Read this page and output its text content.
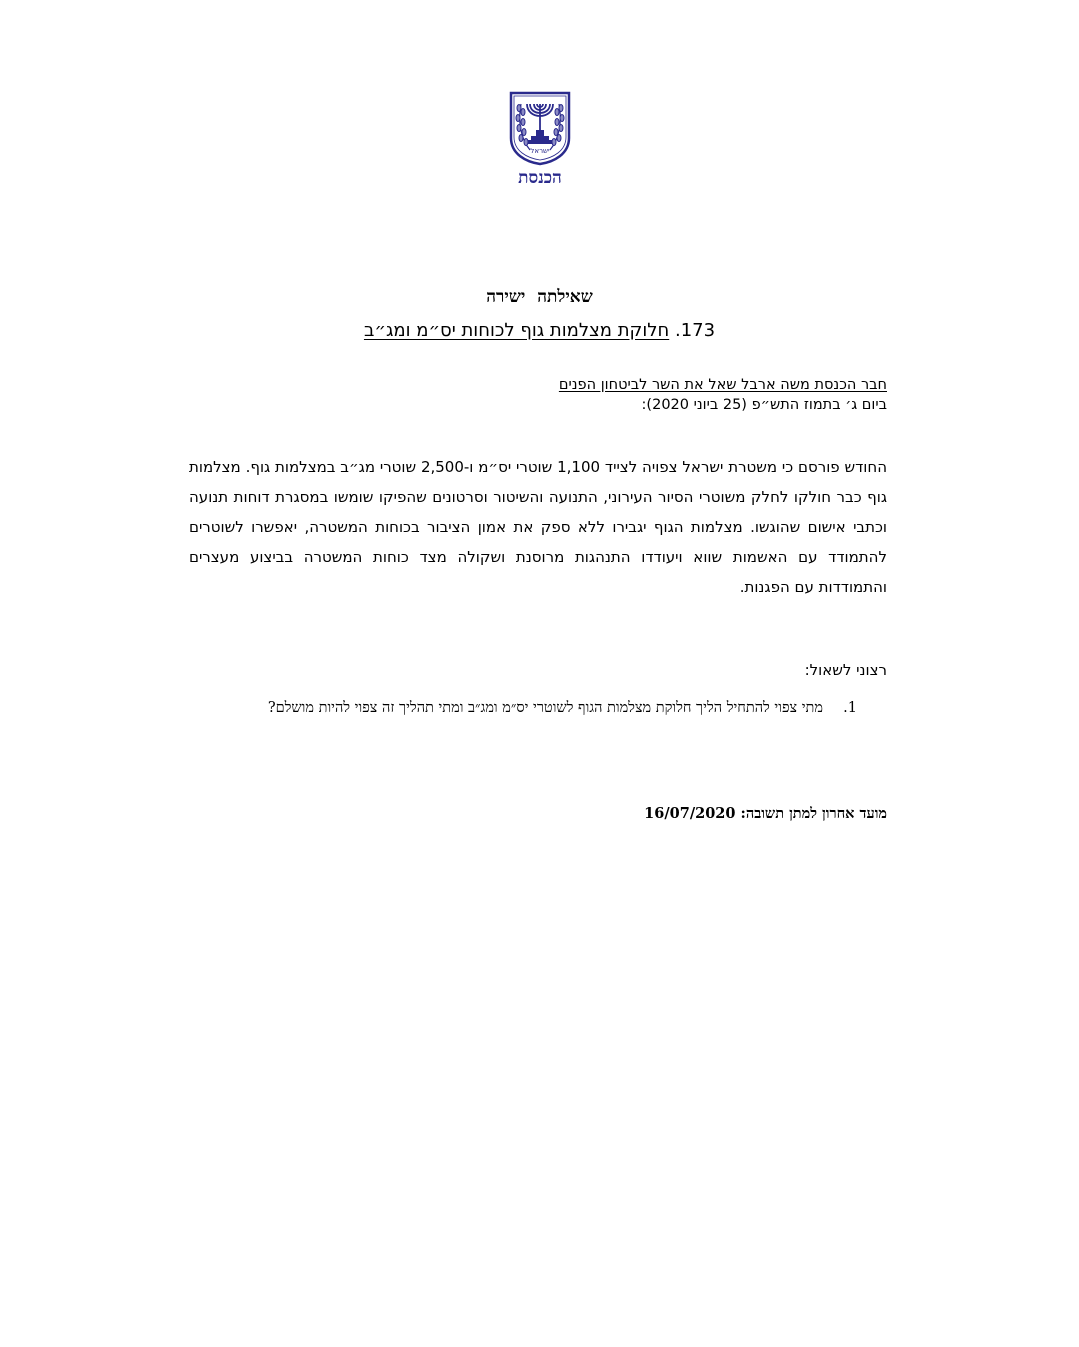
ישראל
הכנסת
שאילתה ישירה
173. חלוקת מצלמות גוף לכוחות יס״מ ומג״ב
חבר הכנסת משה ארבל שאל את השר לביטחון הפנים
ביום ג׳ בתמוז התש״פ (25 ביוני 2020):
החודש פורסם כי משטרת ישראל צפויה לצייד 1,100 שוטרי יס״מ ו-2,500 שוטרי מג״ב במצלמות גוף. מצלמות גוף כבר חולקו לחלק משוטרי הסיור העירוני, התנועה והשיטור וסרטונים שהפיקו שומשו במסגרת דוחות תנועה וכתבי אישום שהוגשו. מצלמות הגוף יגבירו ללא ספק את אמון הציבור בכוחות המשטרה, יאפשרו לשוטרים להתמודד עם האשמות שווא ויעודדו התנהגות מרוסנת ושקולה מצד כוחות המשטרה בביצוע מעצרים והתמודדות עם הפגנות.
רצוני לשאול:
1.
מתי צפוי להתחיל הליך חלוקת מצלמות הגוף לשוטרי יס״מ ומג״ב ומתי תהליך זה צפוי להיות מושלם?
מועד אחרון למתן תשובה: 16/07/2020
